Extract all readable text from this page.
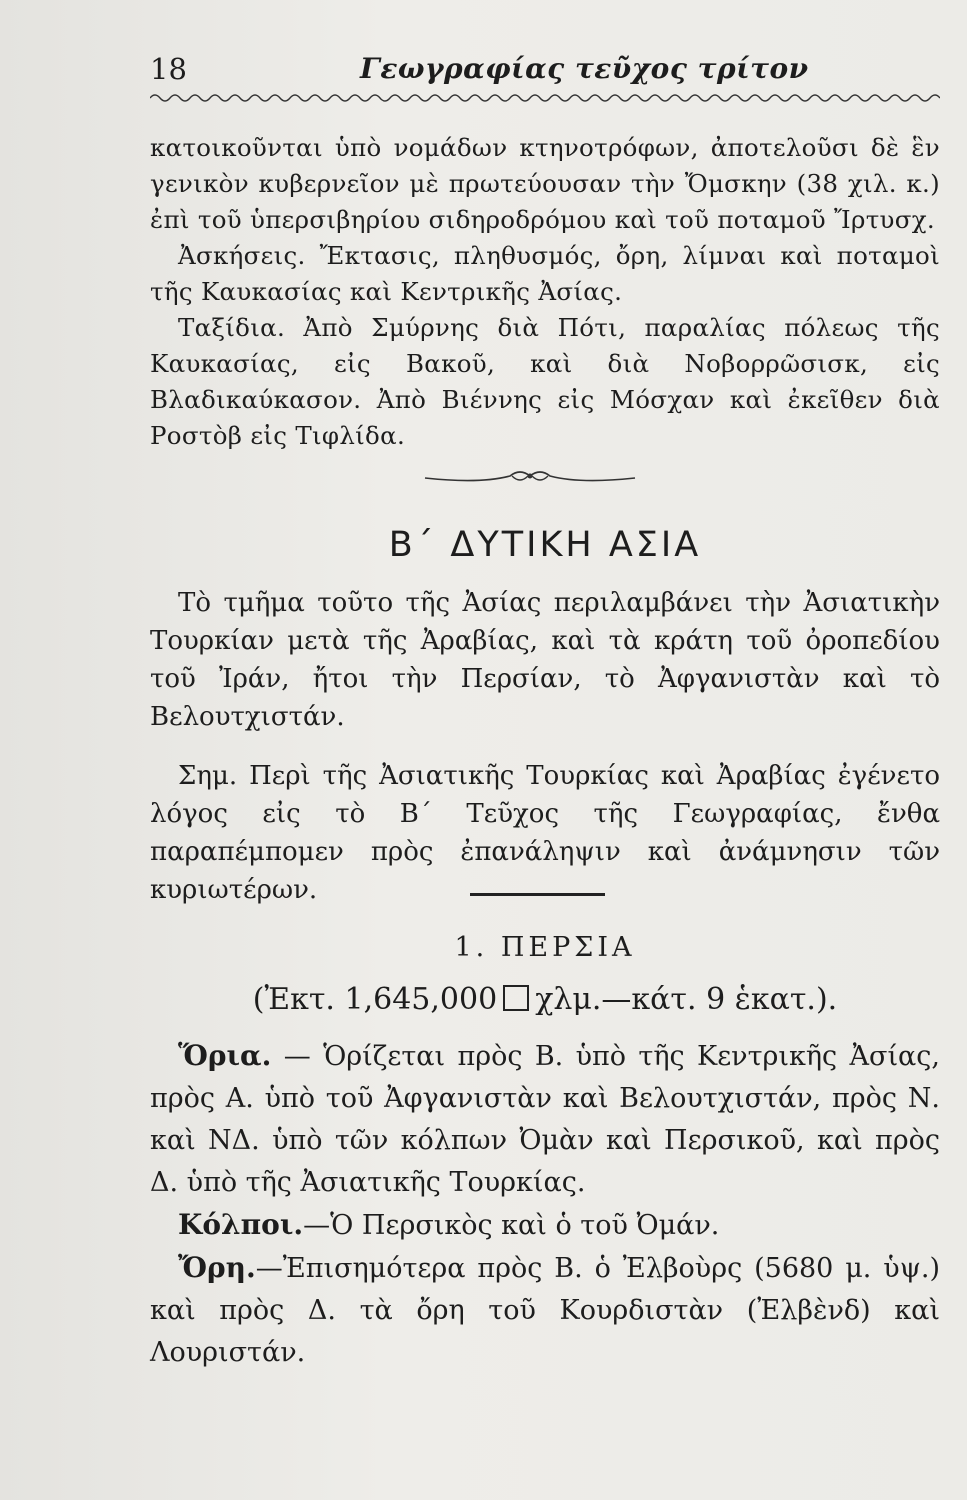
18	Γεωγραφίας τεῦχος τρίτον

κατοικοῦνται ὑπὸ νομάδων κτηνοτρόφων, ἀποτελοῦσι δὲ ἓν γενικὸν κυβερνεῖον μὲ πρωτεύουσαν τὴν Ὄμσκην (38 χιλ. κ.) ἐπὶ τοῦ ὑπερσιβηρίου σιδηροδρόμου καὶ τοῦ ποταμοῦ Ἴρτυσχ.

Ἀσκήσεις. Ἔκτασις, πληθυσμός, ὄρη, λίμναι καὶ ποταμοὶ τῆς Καυκασίας καὶ Κεντρικῆς Ἀσίας.

Ταξίδια. Ἀπὸ Σμύρνης διὰ Πότι, παραλίας πόλεως τῆς Καυκασίας, εἰς Βακοῦ, καὶ διὰ Νοβορρῶσισκ, εἰς Βλαδικαύκασον. Ἀπὸ Βιέννης εἰς Μόσχαν καὶ ἐκεῖθεν διὰ Ροστὸβ εἰς Τιφλίδα.

Β΄ ΔΥΤΙΚΗ ΑΣΙΑ

Τὸ τμῆμα τοῦτο τῆς Ἀσίας περιλαμβάνει τὴν Ἀσιατικὴν Τουρκίαν μετὰ τῆς Ἀραβίας, καὶ τὰ κράτη τοῦ ὀροπεδίου τοῦ Ἰράν, ἤτοι τὴν Περσίαν, τὸ Ἀφγανιστὰν καὶ τὸ Βελουτχιστάν.

Σημ. Περὶ τῆς Ἀσιατικῆς Τουρκίας καὶ Ἀραβίας ἐγένετο λόγος εἰς τὸ Β΄ Τεῦχος τῆς Γεωγραφίας, ἔνθα παραπέμπομεν πρὸς ἐπανάληψιν καὶ ἀνάμνησιν τῶν κυριωτέρων.

1. ΠΕΡΣΙΑ
(Ἐκτ. 1,645,000 χλμ.—κάτ. 9 ἑκατ.).

Ὅρια. — Ὁρίζεται πρὸς Β. ὑπὸ τῆς Κεντρικῆς Ἀσίας, πρὸς Α. ὑπὸ τοῦ Ἀφγανιστὰν καὶ Βελουτχιστάν, πρὸς Ν. καὶ ΝΔ. ὑπὸ τῶν κόλπων Ὀμὰν καὶ Περσικοῦ, καὶ πρὸς Δ. ὑπὸ τῆς Ἀσιατικῆς Τουρκίας.

Κόλποι.—Ὁ Περσικὸς καὶ ὁ τοῦ Ὀμάν.

Ὄρη.—Ἐπισημότερα πρὸς Β. ὁ Ἐλβοὺρς (5680 μ. ὑψ.) καὶ πρὸς Δ. τὰ ὄρη τοῦ Κουρδιστὰν (Ἐλβὲνδ) καὶ Λουριστάν.
